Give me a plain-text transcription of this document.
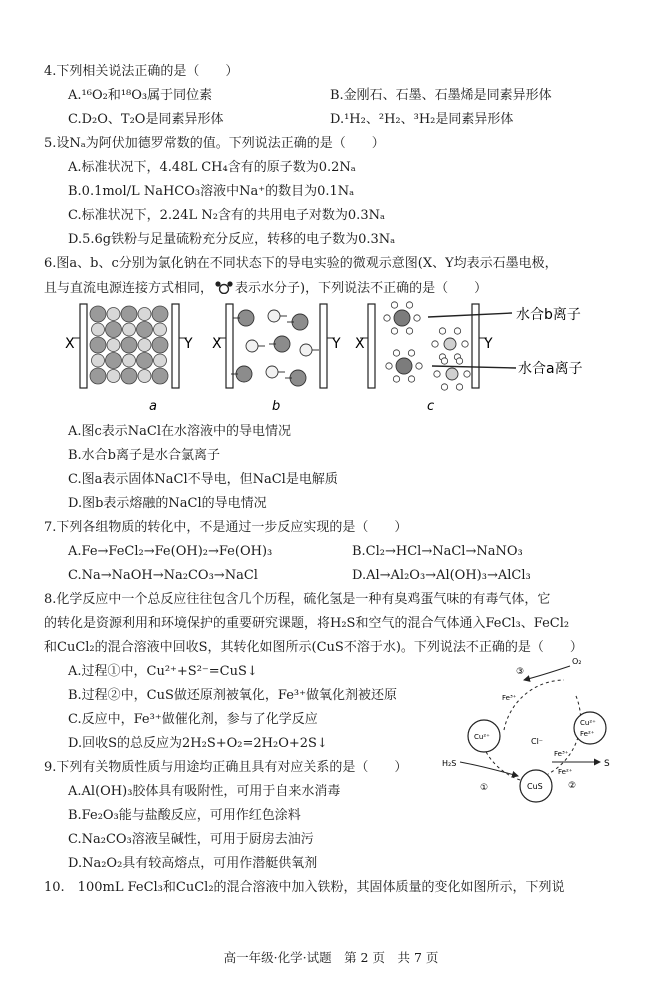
4.下列相关说法正确的是（　　）
A.¹⁶O₂和¹⁸O₃属于同位素	B.金刚石、石墨、石墨烯是同素异形体
C.D₂O、T₂O是同素异形体	D.¹H₂、²H₂、³H₂是同素异形体
5.设Nₐ为阿伏加德罗常数的值。下列说法正确的是（　　）
A.标准状况下，4.48L CH₄含有的原子数为0.2Nₐ
B.0.1mol/L NaHCO₃溶液中Na⁺的数目为0.1Nₐ
C.标准状况下，2.24L N₂含有的共用电子对数为0.3Nₐ
D.5.6g铁粉与足量硫粉充分反应，转移的电子数为0.3Nₐ
6.图a、b、c分别为氯化钠在不同状态下的导电实验的微观示意图(X、Y均表示石墨电极，
且与直流电源连接方式相同， 表示水分子)，下列说法不正确的是（　　）
X	Y X	Y X	Y
a	b	c
水合b离子
水合a离子
A.图c表示NaCl在水溶液中的导电情况
B.水合b离子是水合氯离子
C.图a表示固体NaCl不导电，但NaCl是电解质
D.图b表示熔融的NaCl的导电情况
7.下列各组物质的转化中，不是通过一步反应实现的是（　　）
A.Fe→FeCl₂→Fe(OH)₂→Fe(OH)₃	B.Cl₂→HCl→NaCl→NaNO₃
C.Na→NaOH→Na₂CO₃→NaCl	D.Al→Al₂O₃→Al(OH)₃→AlCl₃
8.化学反应中一个总反应往往包含几个历程，硫化氢是一种有臭鸡蛋气味的有毒气体，它
的转化是资源利用和环境保护的重要研究课题，将H₂S和空气的混合气体通入FeCl₃、FeCl₂
和CuCl₂的混合溶液中回收S，其转化如图所示(CuS不溶于水)。下列说法不正确的是（　　）
A.过程①中，Cu²⁺+S²⁻=CuS↓
B.过程②中，CuS做还原剂被氧化，Fe³⁺做氧化剂被还原
C.反应中，Fe³⁺做催化剂，参与了化学反应
D.回收S的总反应为2H₂S+O₂=2H₂O+2S↓
O₂
③
Fe³⁺
Cu²⁺
Cu²⁺
Fe²⁺
Cl⁻
H₂S
Fe³⁺
Fe²⁺
CuS
S
①	②
9.下列有关物质性质与用途均正确且具有对应关系的是（　　）
A.Al(OH)₃胶体具有吸附性，可用于自来水消毒
B.Fe₂O₃能与盐酸反应，可用作红色涂料
C.Na₂CO₃溶液呈碱性，可用于厨房去油污
D.Na₂O₂具有较高熔点，可用作潜艇供氧剂
10.　100mL FeCl₃和CuCl₂的混合溶液中加入铁粉，其固体质量的变化如图所示，下列说
高一年级·化学·试题　第 2 页　共 7 页
